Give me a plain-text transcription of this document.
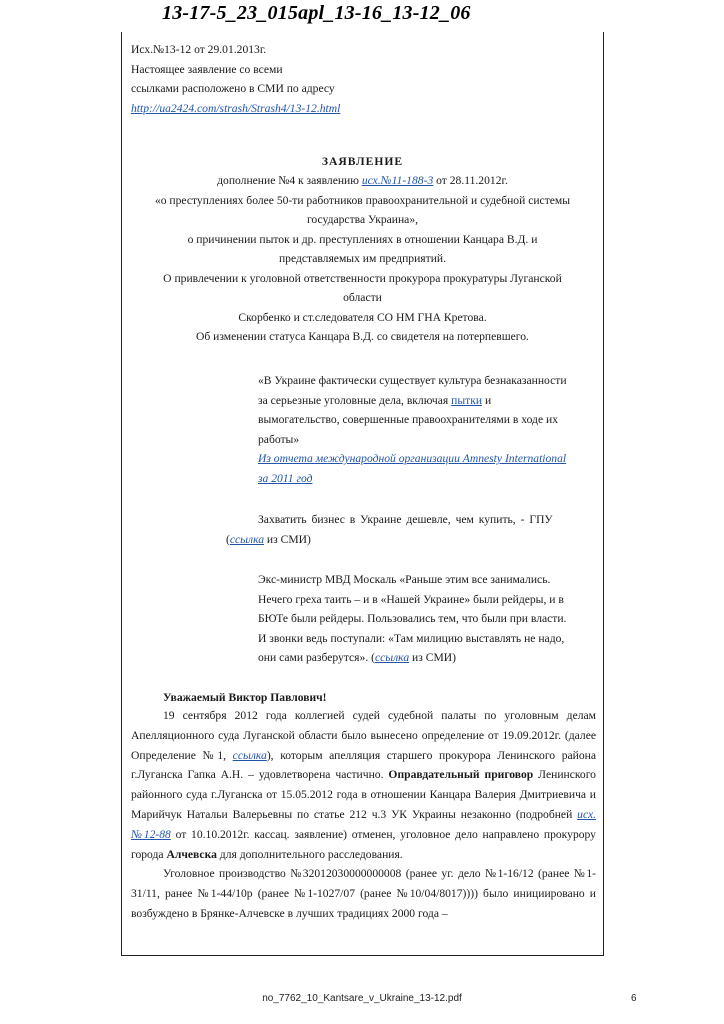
13-17-5_23_015apl_13-16_13-12_06
Исх.№13-12 от 29.01.2013г.
Настоящее заявление со всеми
ссылками расположено в СМИ по адресу
http://ua2424.com/strash/Strash4/13-12.html
ЗАЯВЛЕНИЕ
дополнение №4 к заявлению исх.№11-188-3 от 28.11.2012г.
«о преступлениях более 50-ти работников правоохранительной и судебной системы
государства Украина»,
о причинении пыток и др. преступлениях в отношении Канцара В.Д. и
представляемых им предприятий.
О привлечении к уголовной ответственности прокурора прокуратуры Луганской
области
Скорбенко и ст.следователя СО НМ ГНА Кретова.
Об изменении статуса Канцара В.Д. со свидетеля на потерпевшего.
«В Украине фактически существует культура безнаказанности
за серьезные уголовные дела, включая пытки и
вымогательство, совершенные правоохранителями в ходе их
работы»
Из отчета международной организации Amnesty International
за 2011 год
Захватить бизнес в Украине дешевле, чем купить, - ГПУ
(ссылка из СМИ)
Экс-министр МВД Москаль «Раньше этим все занимались.
Нечего греха таить – и в «Нашей Украине» были рейдеры, и в
БЮТе были рейдеры. Пользовались тем, что были при власти.
И звонки ведь поступали: «Там милицию выставлять не надо,
они сами разберутся». (ссылка из СМИ)
Уважаемый Виктор Павлович!

19 сентября 2012 года коллегией судей судебной палаты по уголовным делам Апелляционного суда Луганской области было вынесено определение от 19.09.2012г. (далее Определение №1, ссылка), которым апелляция старшего прокурора Ленинского района г.Луганска Гапка А.Н. – удовлетворена частично. Оправдательный приговор Ленинского районного суда г.Луганска от 15.05.2012 года в отношении Канцара Валерия Дмитриевича и Марийчук Натальи Валерьевны по статье 212 ч.3 УК Украины незаконно (подробней исх.№12-88 от 10.10.2012г. кассац. заявление) отменен, уголовное дело направлено прокурору города Алчевска для дополнительного расследования.

Уголовное производство №32012030000000008 (ранее уг. дело №1-16/12 (ранее №1-31/11, ранее №1-44/10р (ранее №1-1027/07 (ранее №10/04/8017)))) было инициировано и возбуждено в Брянке-Алчевске в лучших традициях 2000 года –

no_7762_10_Kantsare_v_Ukraine_13-12.pdf	6
